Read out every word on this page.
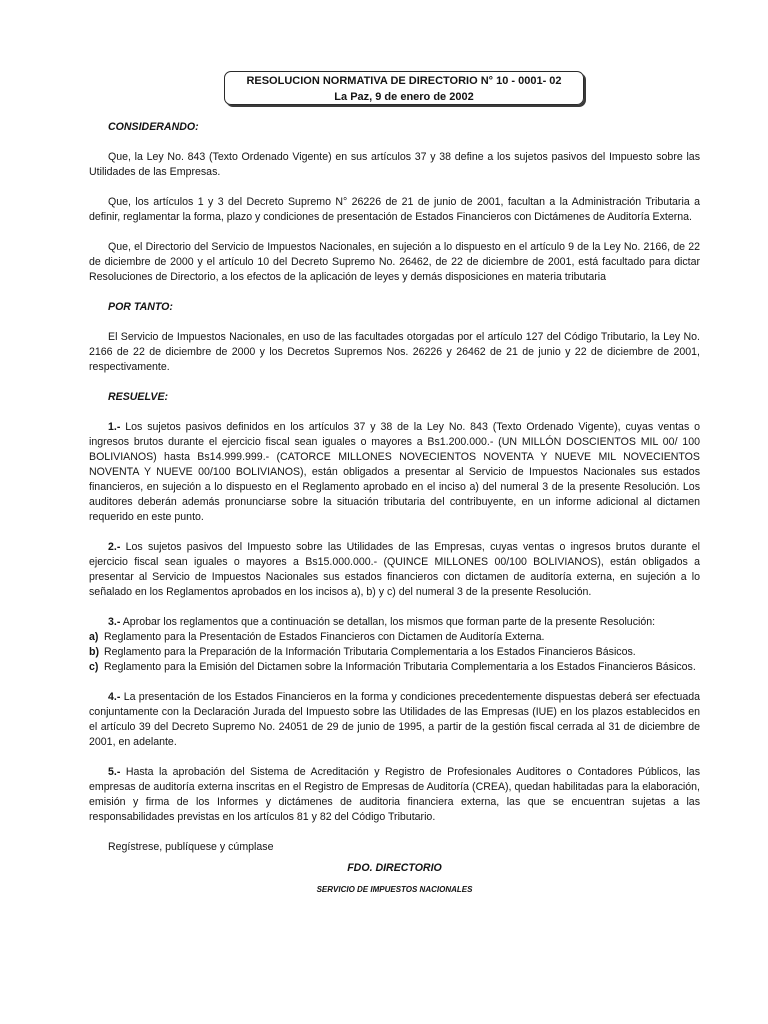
RESOLUCION NORMATIVA DE DIRECTORIO N° 10 - 0001- 02
La Paz, 9 de enero de 2002

CONSIDERANDO:

Que, la Ley No. 843 (Texto Ordenado Vigente) en sus artículos 37 y 38 define a los sujetos pasivos del Impuesto sobre las Utilidades de las Empresas.

Que, los artículos 1 y 3 del Decreto Supremo N° 26226 de 21 de junio de 2001, facultan a la Administración Tributaria a definir, reglamentar la forma, plazo y condiciones de presentación de Estados Financieros con Dictámenes de Auditoría Externa.

Que, el Directorio del Servicio de Impuestos Nacionales, en sujeción a lo dispuesto en el artículo 9 de la Ley No. 2166, de 22 de diciembre de 2000 y el artículo 10 del Decreto Supremo No. 26462, de 22 de diciembre de 2001, está facultado para dictar Resoluciones de Directorio, a los efectos de la aplicación de leyes y demás disposiciones en materia tributaria

POR TANTO:

El Servicio de Impuestos Nacionales, en uso de las facultades otorgadas por el artículo 127 del Código Tributario, la Ley No. 2166 de 22 de diciembre de 2000 y los Decretos Supremos Nos. 26226 y 26462 de 21 de junio y 22 de diciembre de 2001, respectivamente.

RESUELVE:

1.- Los sujetos pasivos definidos en los artículos 37 y 38 de la Ley No. 843 (Texto Ordenado Vigente), cuyas ventas o ingresos brutos durante el ejercicio fiscal sean iguales o mayores a Bs1.200.000.- (UN MILLÓN DOSCIENTOS MIL 00/ 100 BOLIVIANOS) hasta Bs14.999.999.- (CATORCE MILLONES NOVECIENTOS NOVENTA Y NUEVE MIL NOVECIENTOS NOVENTA Y NUEVE 00/100 BOLIVIANOS), están obligados a presentar al Servicio de Impuestos Nacionales sus estados financieros, en sujeción a lo dispuesto en el Reglamento aprobado en el inciso a) del numeral 3 de la presente Resolución. Los auditores deberán además pronunciarse sobre la situación tributaria del contribuyente, en un informe adicional al dictamen requerido en este punto.

2.- Los sujetos pasivos del Impuesto sobre las Utilidades de las Empresas, cuyas ventas o ingresos brutos durante el ejercicio fiscal sean iguales o mayores a Bs15.000.000.- (QUINCE MILLONES 00/100 BOLIVIANOS), están obligados a presentar al Servicio de Impuestos Nacionales sus estados financieros con dictamen de auditoría externa, en sujeción a lo señalado en los Reglamentos aprobados en los incisos a), b) y c) del numeral 3 de la presente Resolución.

3.- Aprobar los reglamentos que a continuación se detallan, los mismos que forman parte de la presente Resolución:

a) Reglamento para la Presentación de Estados Financieros con Dictamen de Auditoría Externa.
b) Reglamento para la Preparación de la Información Tributaria Complementaria a los Estados Financieros Básicos.
c) Reglamento para la Emisión del Dictamen sobre la Información Tributaria Complementaria a los Estados Financieros Básicos.

4.- La presentación de los Estados Financieros en la forma y condiciones precedentemente dispuestas deberá ser efectuada conjuntamente con la Declaración Jurada del Impuesto sobre las Utilidades de las Empresas (IUE) en los plazos establecidos en el artículo 39 del Decreto Supremo No. 24051 de 29 de junio de 1995, a partir de la gestión fiscal cerrada al 31 de diciembre de 2001, en adelante.

5.- Hasta la aprobación del Sistema de Acreditación y Registro de Profesionales Auditores o Contadores Públicos, las empresas de auditoría externa inscritas en el Registro de Empresas de Auditoría (CREA), quedan habilitadas para la elaboración, emisión y firma de los Informes y dictámenes de auditoria financiera externa, las que se encuentran sujetas a las responsabilidades previstas en los artículos 81 y 82 del Código Tributario.

Regístrese, publíquese y cúmplase

FDO. DIRECTORIO

SERVICIO DE IMPUESTOS NACIONALES
